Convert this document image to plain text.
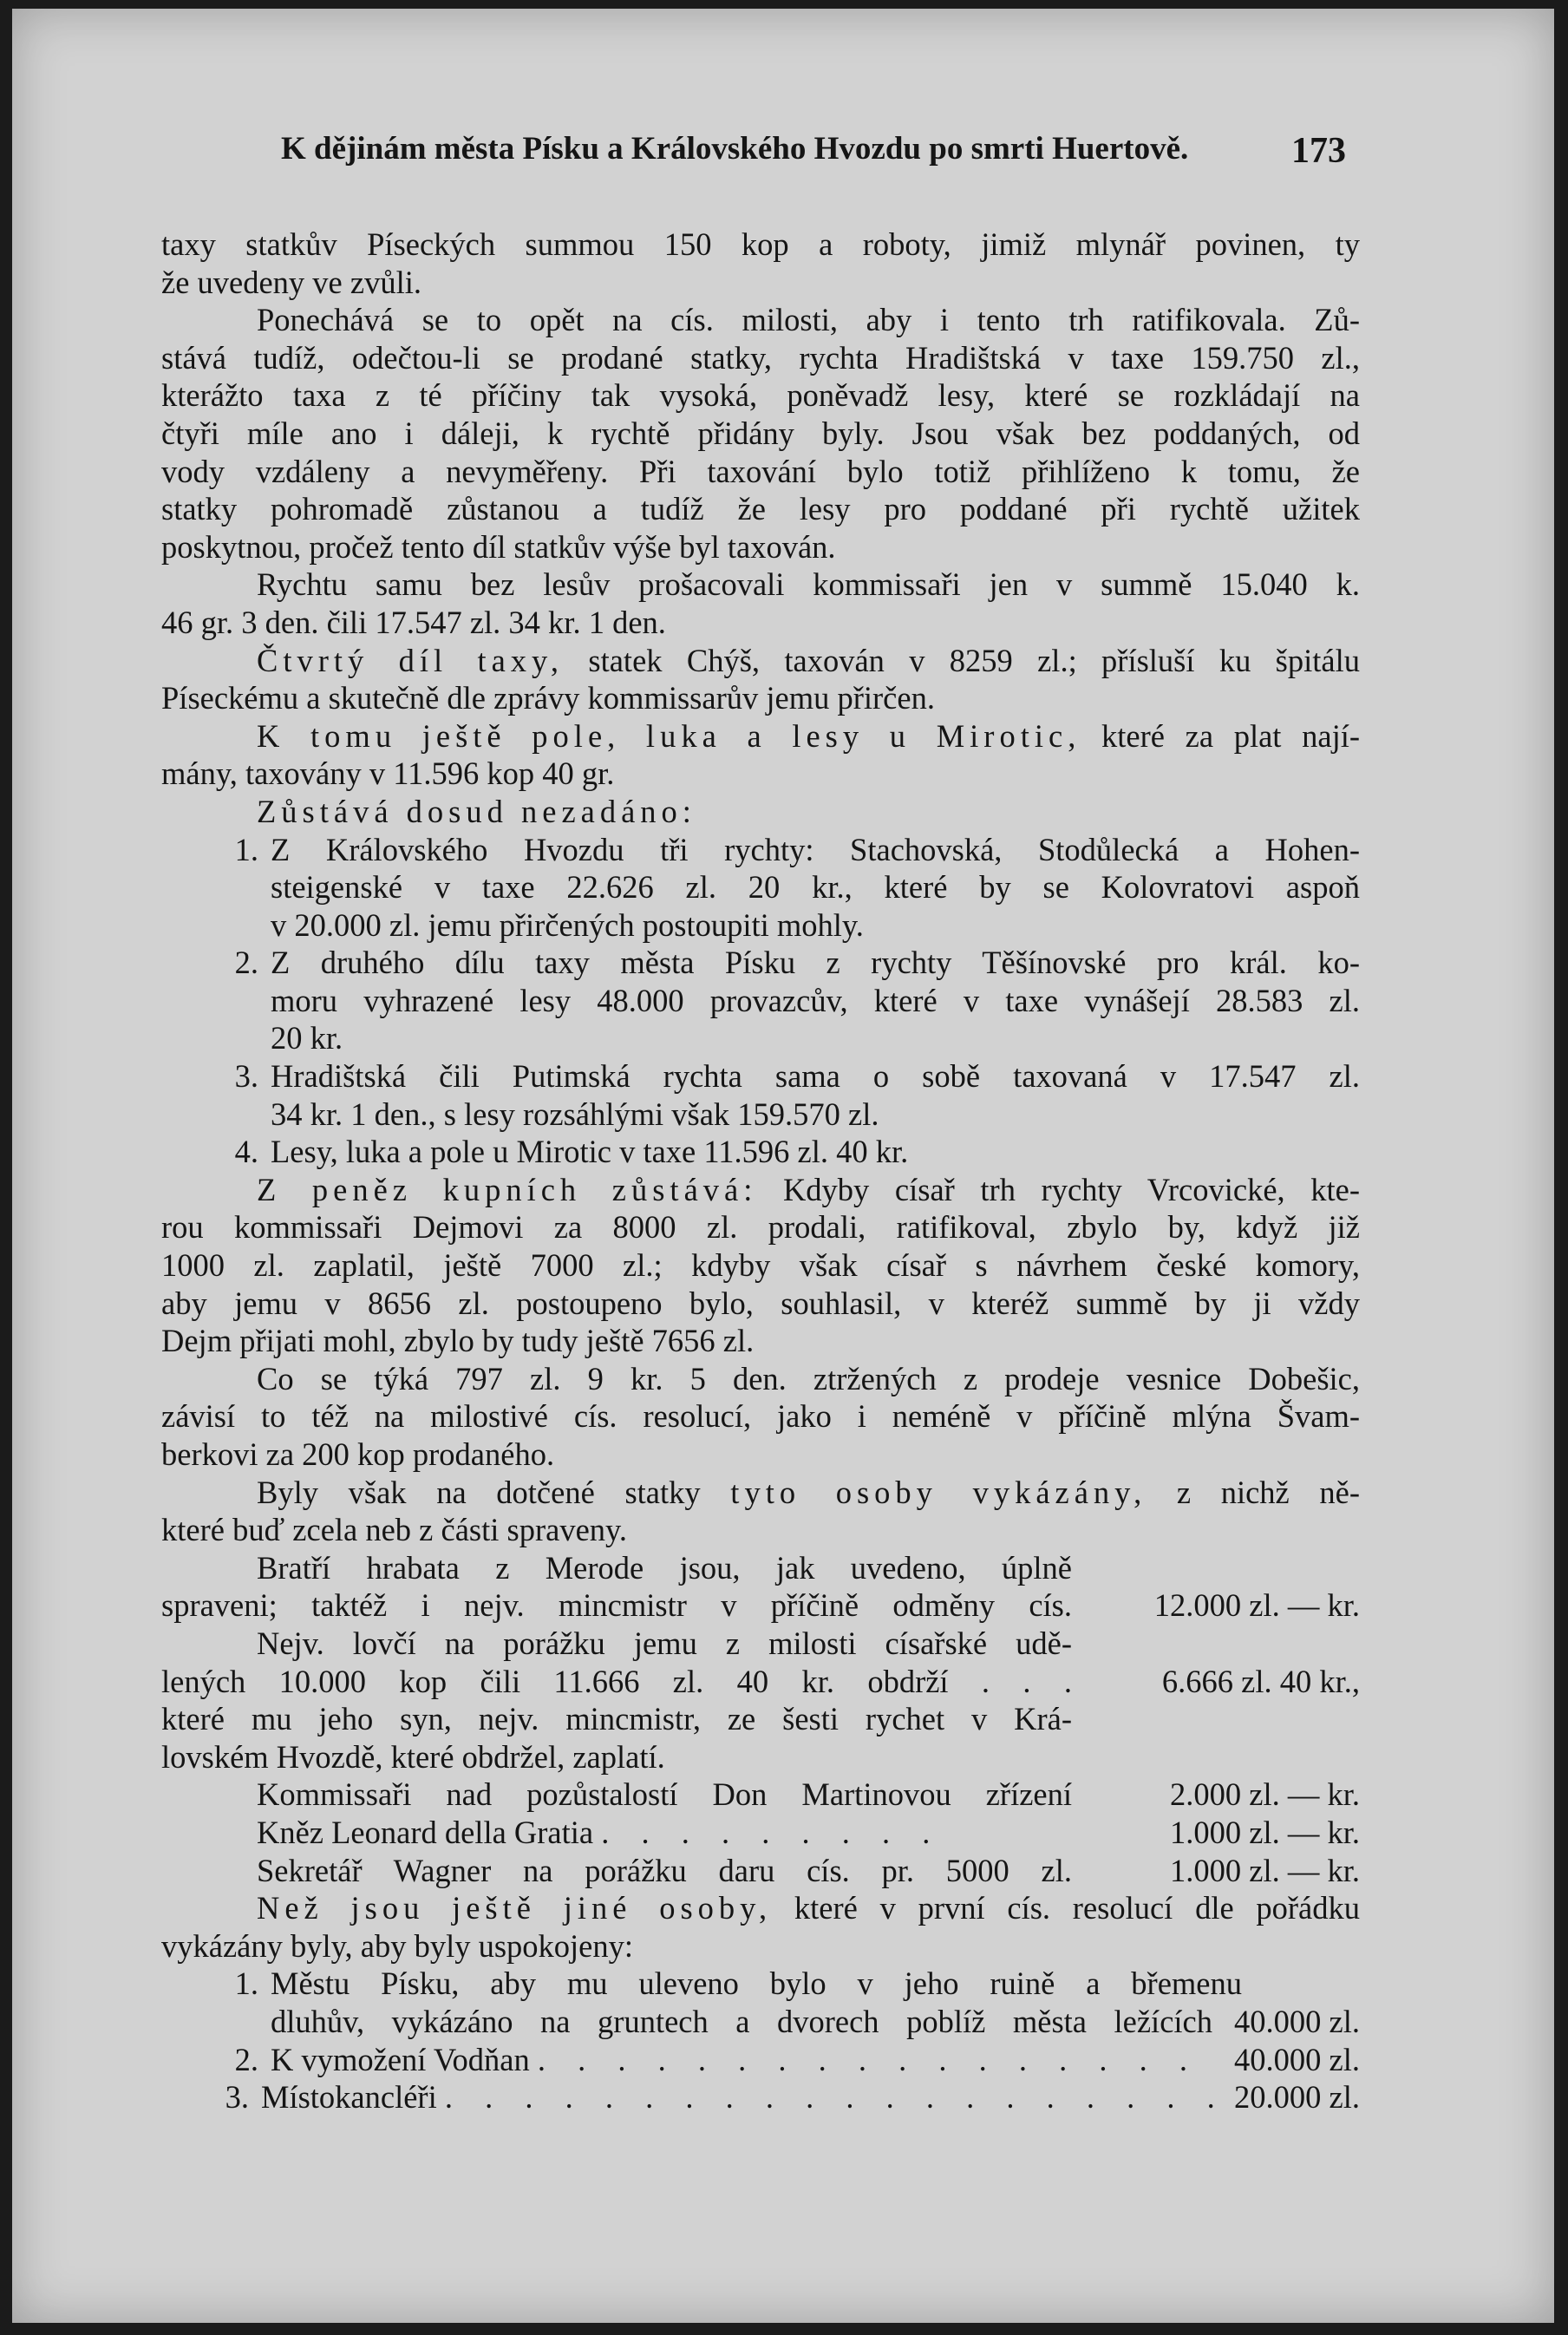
K dějinám města Písku a Královského Hvozdu po smrti Huertově.	173
taxy statkův Píseckých summou 150 kop a roboty, jimiž mlynář povinen, ty
že uvedeny ve zvůli.
Ponechává se to opět na cís. milosti, aby i tento trh ratifikovala. Zů-
stává tudíž, odečtou-li se prodané statky, rychta Hradištská v taxe 159.750 zl.,
kterážto taxa z té příčiny tak vysoká, poněvadž lesy, které se rozkládají na
čtyři míle ano i dáleji, k rychtě přidány byly. Jsou však bez poddaných, od
vody vzdáleny a nevyměřeny. Při taxování bylo totiž přihlíženo k tomu, že
statky pohromadě zůstanou a tudíž že lesy pro poddané při rychtě užitek
poskytnou, pročež tento díl statkův výše byl taxován.
Rychtu samu bez lesův prošacovali kommissaři jen v summě 15.040 k.
46 gr. 3 den. čili 17.547 zl. 34 kr. 1 den.
Čtvrtý díl taxy, statek Chýš, taxován v 8259 zl.; přísluší ku špitálu
Píseckému a skutečně dle zprávy kommissarův jemu přirčen.
K tomu ještě pole, luka a lesy u Mirotic, které za plat nají-
mány, taxovány v 11.596 kop 40 gr.
Zůstává dosud nezadáno:
1. Z Královského Hvozdu tři rychty: Stachovská, Stodůlecká a Hohen-
steigenské v taxe 22.626 zl. 20 kr., které by se Kolovratovi aspoň
v 20.000 zl. jemu přirčených postoupiti mohly.
2. Z druhého dílu taxy města Písku z rychty Těšínovské pro král. ko-
moru vyhrazené lesy 48.000 provazcův, které v taxe vynášejí 28.583 zl.
20 kr.
3. Hradištská čili Putimská rychta sama o sobě taxovaná v 17.547 zl.
34 kr. 1 den., s lesy rozsáhlými však 159.570 zl.
4. Lesy, luka a pole u Mirotic v taxe 11.596 zl. 40 kr.
Z peněz kupních zůstává: Kdyby císař trh rychty Vrcovické, kte-
rou kommissaři Dejmovi za 8000 zl. prodali, ratifikoval, zbylo by, když již
1000 zl. zaplatil, ještě 7000 zl.; kdyby však císař s návrhem české komory,
aby jemu v 8656 zl. postoupeno bylo, souhlasil, v kteréž summě by ji vždy
Dejm přijati mohl, zbylo by tudy ještě 7656 zl.
Co se týká 797 zl. 9 kr. 5 den. ztržených z prodeje vesnice Dobešic,
závisí to též na milostivé cís. resolucí, jako i neméně v příčině mlýna Švam-
berkovi za 200 kop prodaného.
Byly však na dotčené statky tyto osoby vykázány, z nichž ně-
které buď zcela neb z části spraveny.
Bratří hrabata z Merode jsou, jak uvedeno, úplně
spraveni; taktéž i nejv. mincmistr v příčině odměny cís.	12.000 zl. — kr.
Nejv. lovčí na porážku jemu z milosti císařské udě-
lených 10.000 kop čili 11.666 zl. 40 kr. obdrží . . .	6.666 zl. 40 kr.,
které mu jeho syn, nejv. mincmistr, ze šesti rychet v Krá-
lovském Hvozdě, které obdržel, zaplatí.
Kommissaři nad pozůstalostí Don Martinovou zřízení	2.000 zl. — kr.
Kněz Leonard della Gratia . . . . . . . . .	1.000 zl. — kr.
Sekretář Wagner na porážku daru cís. pr. 5000 zl.	1.000 zl. — kr.
Než jsou ještě jiné osoby, které v první cís. resolucí dle pořádku
vykázány byly, aby byly uspokojeny:
1. Městu Písku, aby mu uleveno bylo v jeho ruině a břemenu
dluhův, vykázáno na gruntech a dvorech poblíž města ležících 40.000 zl.
2. K vymožení Vodňan . . . . . . . . . . . . . . . . .	40.000 zl.
3. Místokancléři . . . . . . . . . . . . . . . . . . . . 20.000 zl.
